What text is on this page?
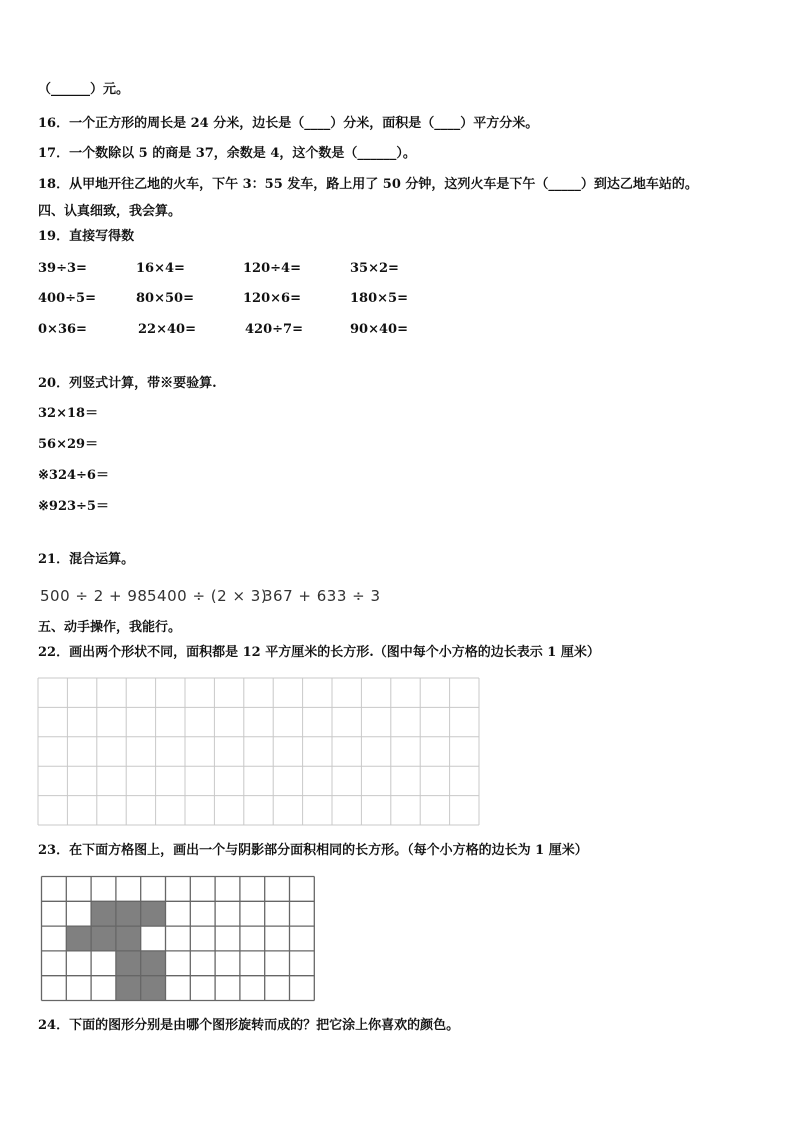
（______）元。
16．一个正方形的周长是 24 分米，边长是（____）分米，面积是（____）平方分米。
17．一个数除以 5 的商是 37，余数是 4，这个数是（______）。
18．从甲地开往乙地的火车，下午 3：55 发车，路上用了 50 分钟，这列火车是下午（_____）到达乙地车站的。
四、认真细致，我会算。
19．直接写得数
39÷3=	16×4=	120÷4=	35×2=
400÷5=	80×50=	120×6=	180×5=
0×36=	22×40=	420÷7=	90×40=
20．列竖式计算，带※要验算.
32×18＝
56×29＝
※324÷6＝
※923÷5＝
21．混合运算。
500 ÷ 2 + 98 5400 ÷ (2 × 3)
367 + 633 ÷ 3
五、动手操作，我能行。
22．画出两个形状不同，面积都是 12 平方厘米的长方形.（图中每个小方格的边长表示 1 厘米）
23．在下面方格图上，画出一个与阴影部分面积相同的长方形。（每个小方格的边长为 1 厘米）
24．下面的图形分别是由哪个图形旋转而成的？把它涂上你喜欢的颜色。
